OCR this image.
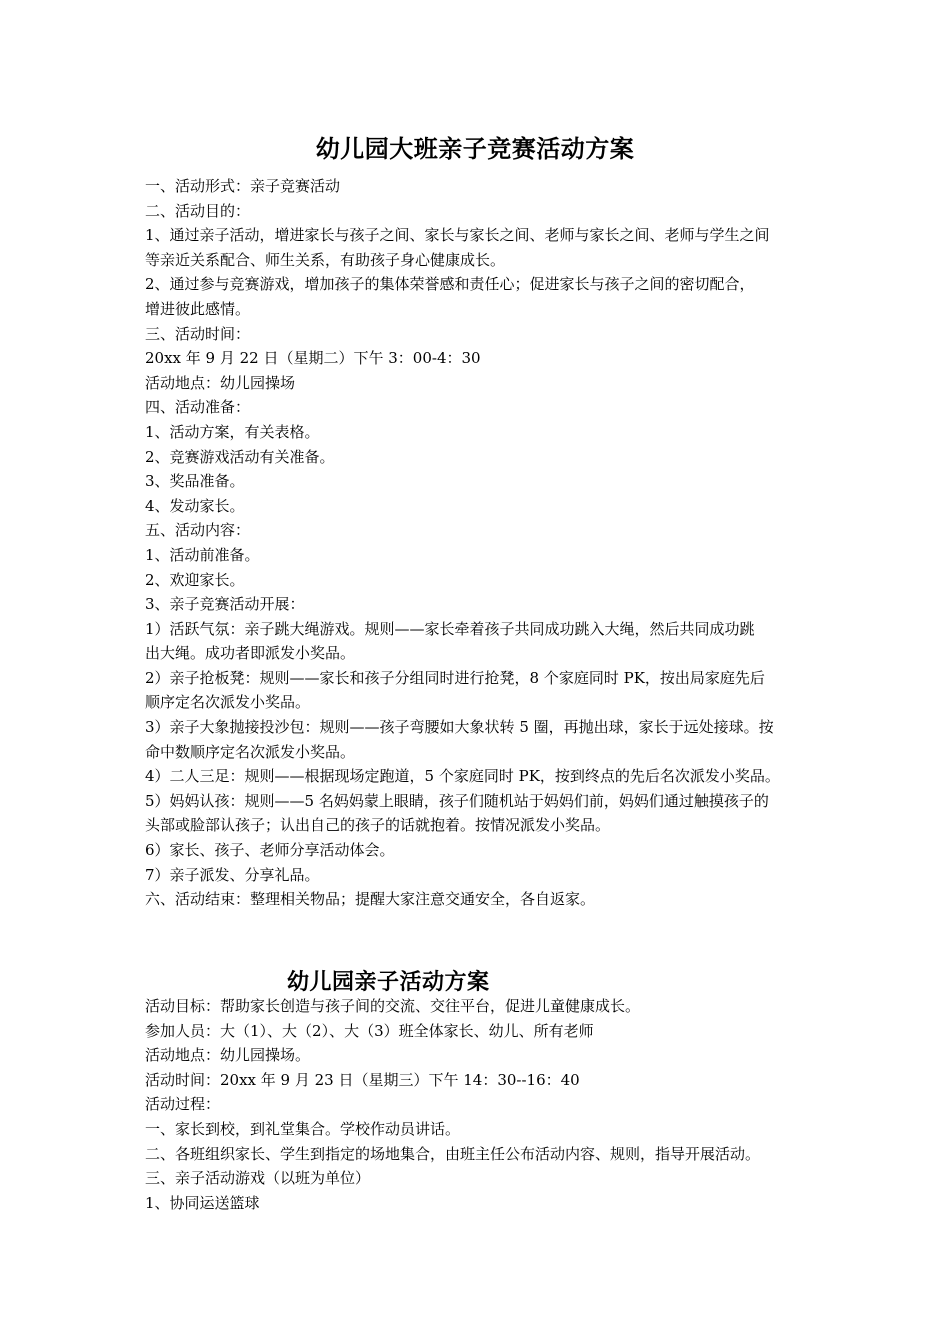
幼儿园大班亲子竞赛活动方案
一、活动形式：亲子竞赛活动
二、活动目的：
1、通过亲子活动，增进家长与孩子之间、家长与家长之间、老师与家长之间、老师与学生之间
等亲近关系配合、师生关系，有助孩子身心健康成长。
2、通过参与竞赛游戏，增加孩子的集体荣誉感和责任心；促进家长与孩子之间的密切配合，
增进彼此感情。
三、活动时间：
20xx 年 9 月 22 日（星期二）下午 3：00-4：30
活动地点：幼儿园操场
四、活动准备：
1、活动方案，有关表格。
2、竞赛游戏活动有关准备。
3、奖品准备。
4、发动家长。
五、活动内容：
1、活动前准备。
2、欢迎家长。
3、亲子竞赛活动开展：
1）活跃气氛：亲子跳大绳游戏。规则——家长牵着孩子共同成功跳入大绳，然后共同成功跳
出大绳。成功者即派发小奖品。
2）亲子抢板凳：规则——家长和孩子分组同时进行抢凳，8 个家庭同时 PK，按出局家庭先后
顺序定名次派发小奖品。
3）亲子大象抛接投沙包：规则——孩子弯腰如大象状转 5 圈，再抛出球，家长于远处接球。按
命中数顺序定名次派发小奖品。
4）二人三足：规则——根据现场定跑道，5 个家庭同时 PK，按到终点的先后名次派发小奖品。
5）妈妈认孩：规则——5 名妈妈蒙上眼睛，孩子们随机站于妈妈们前，妈妈们通过触摸孩子的
头部或脸部认孩子；认出自己的孩子的话就抱着。按情况派发小奖品。
6）家长、孩子、老师分享活动体会。
7）亲子派发、分享礼品。
六、活动结束：整理相关物品；提醒大家注意交通安全，各自返家。
幼儿园亲子活动方案
活动目标：帮助家长创造与孩子间的交流、交往平台，促进儿童健康成长。
参加人员：大（1）、大（2）、大（3）班全体家长、幼儿、所有老师
活动地点：幼儿园操场。
活动时间：20xx 年 9 月 23 日（星期三）下午 14：30--16：40
活动过程：
一、家长到校，到礼堂集合。学校作动员讲话。
二、各班组织家长、学生到指定的场地集合，由班主任公布活动内容、规则，指导开展活动。
三、亲子活动游戏（以班为单位）
1、协同运送篮球
